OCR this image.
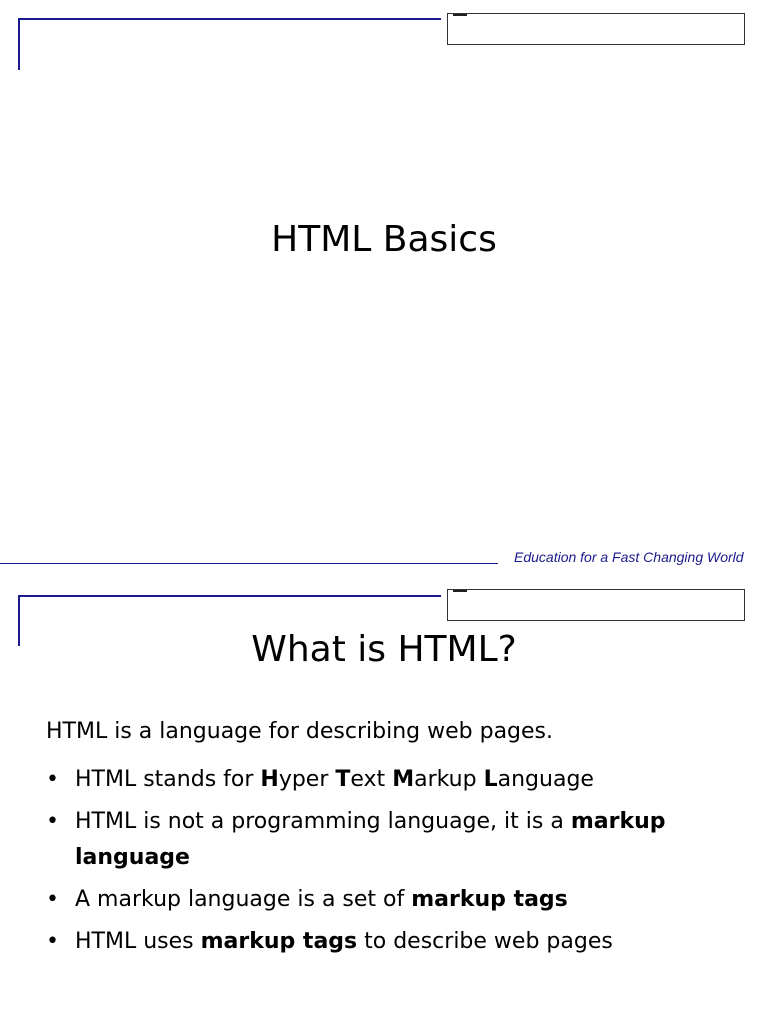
HTML Basics
Education for a Fast Changing World
What is HTML?
HTML is a language for describing web pages.
• HTML stands for Hyper Text Markup Language
• HTML is not a programming language, it is a markup language
• A markup language is a set of markup tags
• HTML uses markup tags to describe web pages
